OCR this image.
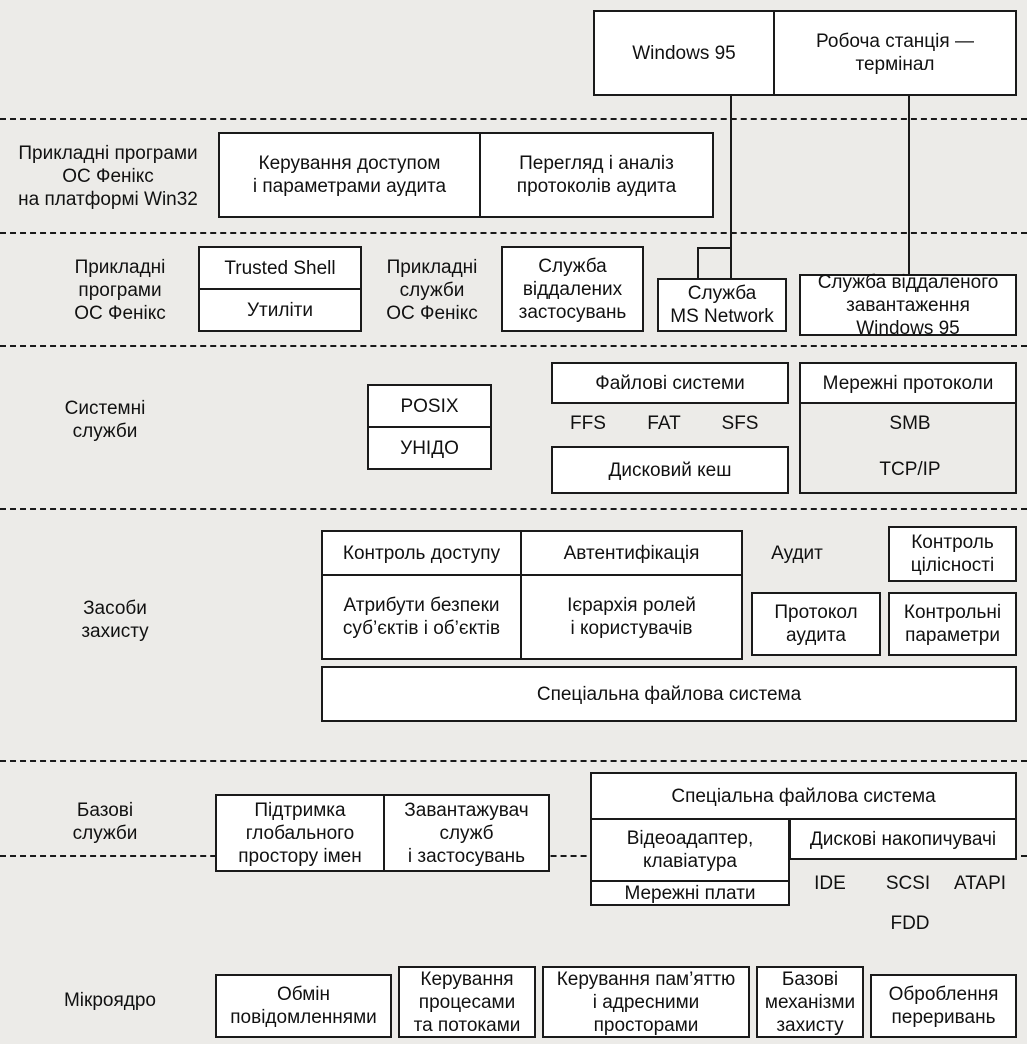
Windows 95
Робоча станція —
термінал
Прикладні програми
ОС Фенікс
на платформі Win32
Керування доступом
і параметрами аудита
Перегляд і аналіз
протоколів аудита
Прикладні
програми
ОС Фенікс
Trusted Shell
Утиліти
Прикладні
служби
ОС Фенікс
Служба
віддалених
застосувань
Служба
MS Network
Служба віддаленого
завантаження
Windows 95
Системні
служби
POSIX
УНІДО
Файлові системи
FFS	FAT	SFS
Дисковий кеш
Мережні протоколи
SMB
TCP/IP
Засоби
захисту
Контроль доступу	Автентифікація	Аудит	Контроль
цілісності
Атрибути безпеки
суб’єктів і об’єктів
Ієрархія ролей
і користувачів
Протокол
аудита
Контрольні
параметри
Спеціальна файлова система
Базові
служби
Спеціальна файлова система
Підтримка
глобального
простору імен
Завантажувач
служб
і застосувань
Відеоадаптер,
клавіатура
Мережні плати
Дискові накопичувачі
IDE	SCSI	ATAPI
FDD
Мікроядро	Обмін
повідомленнями
Керування
процесами
та потоками
Керування пам’яттю
і адресними
просторами
Базові
механізми
захисту
Оброблення
переривань
